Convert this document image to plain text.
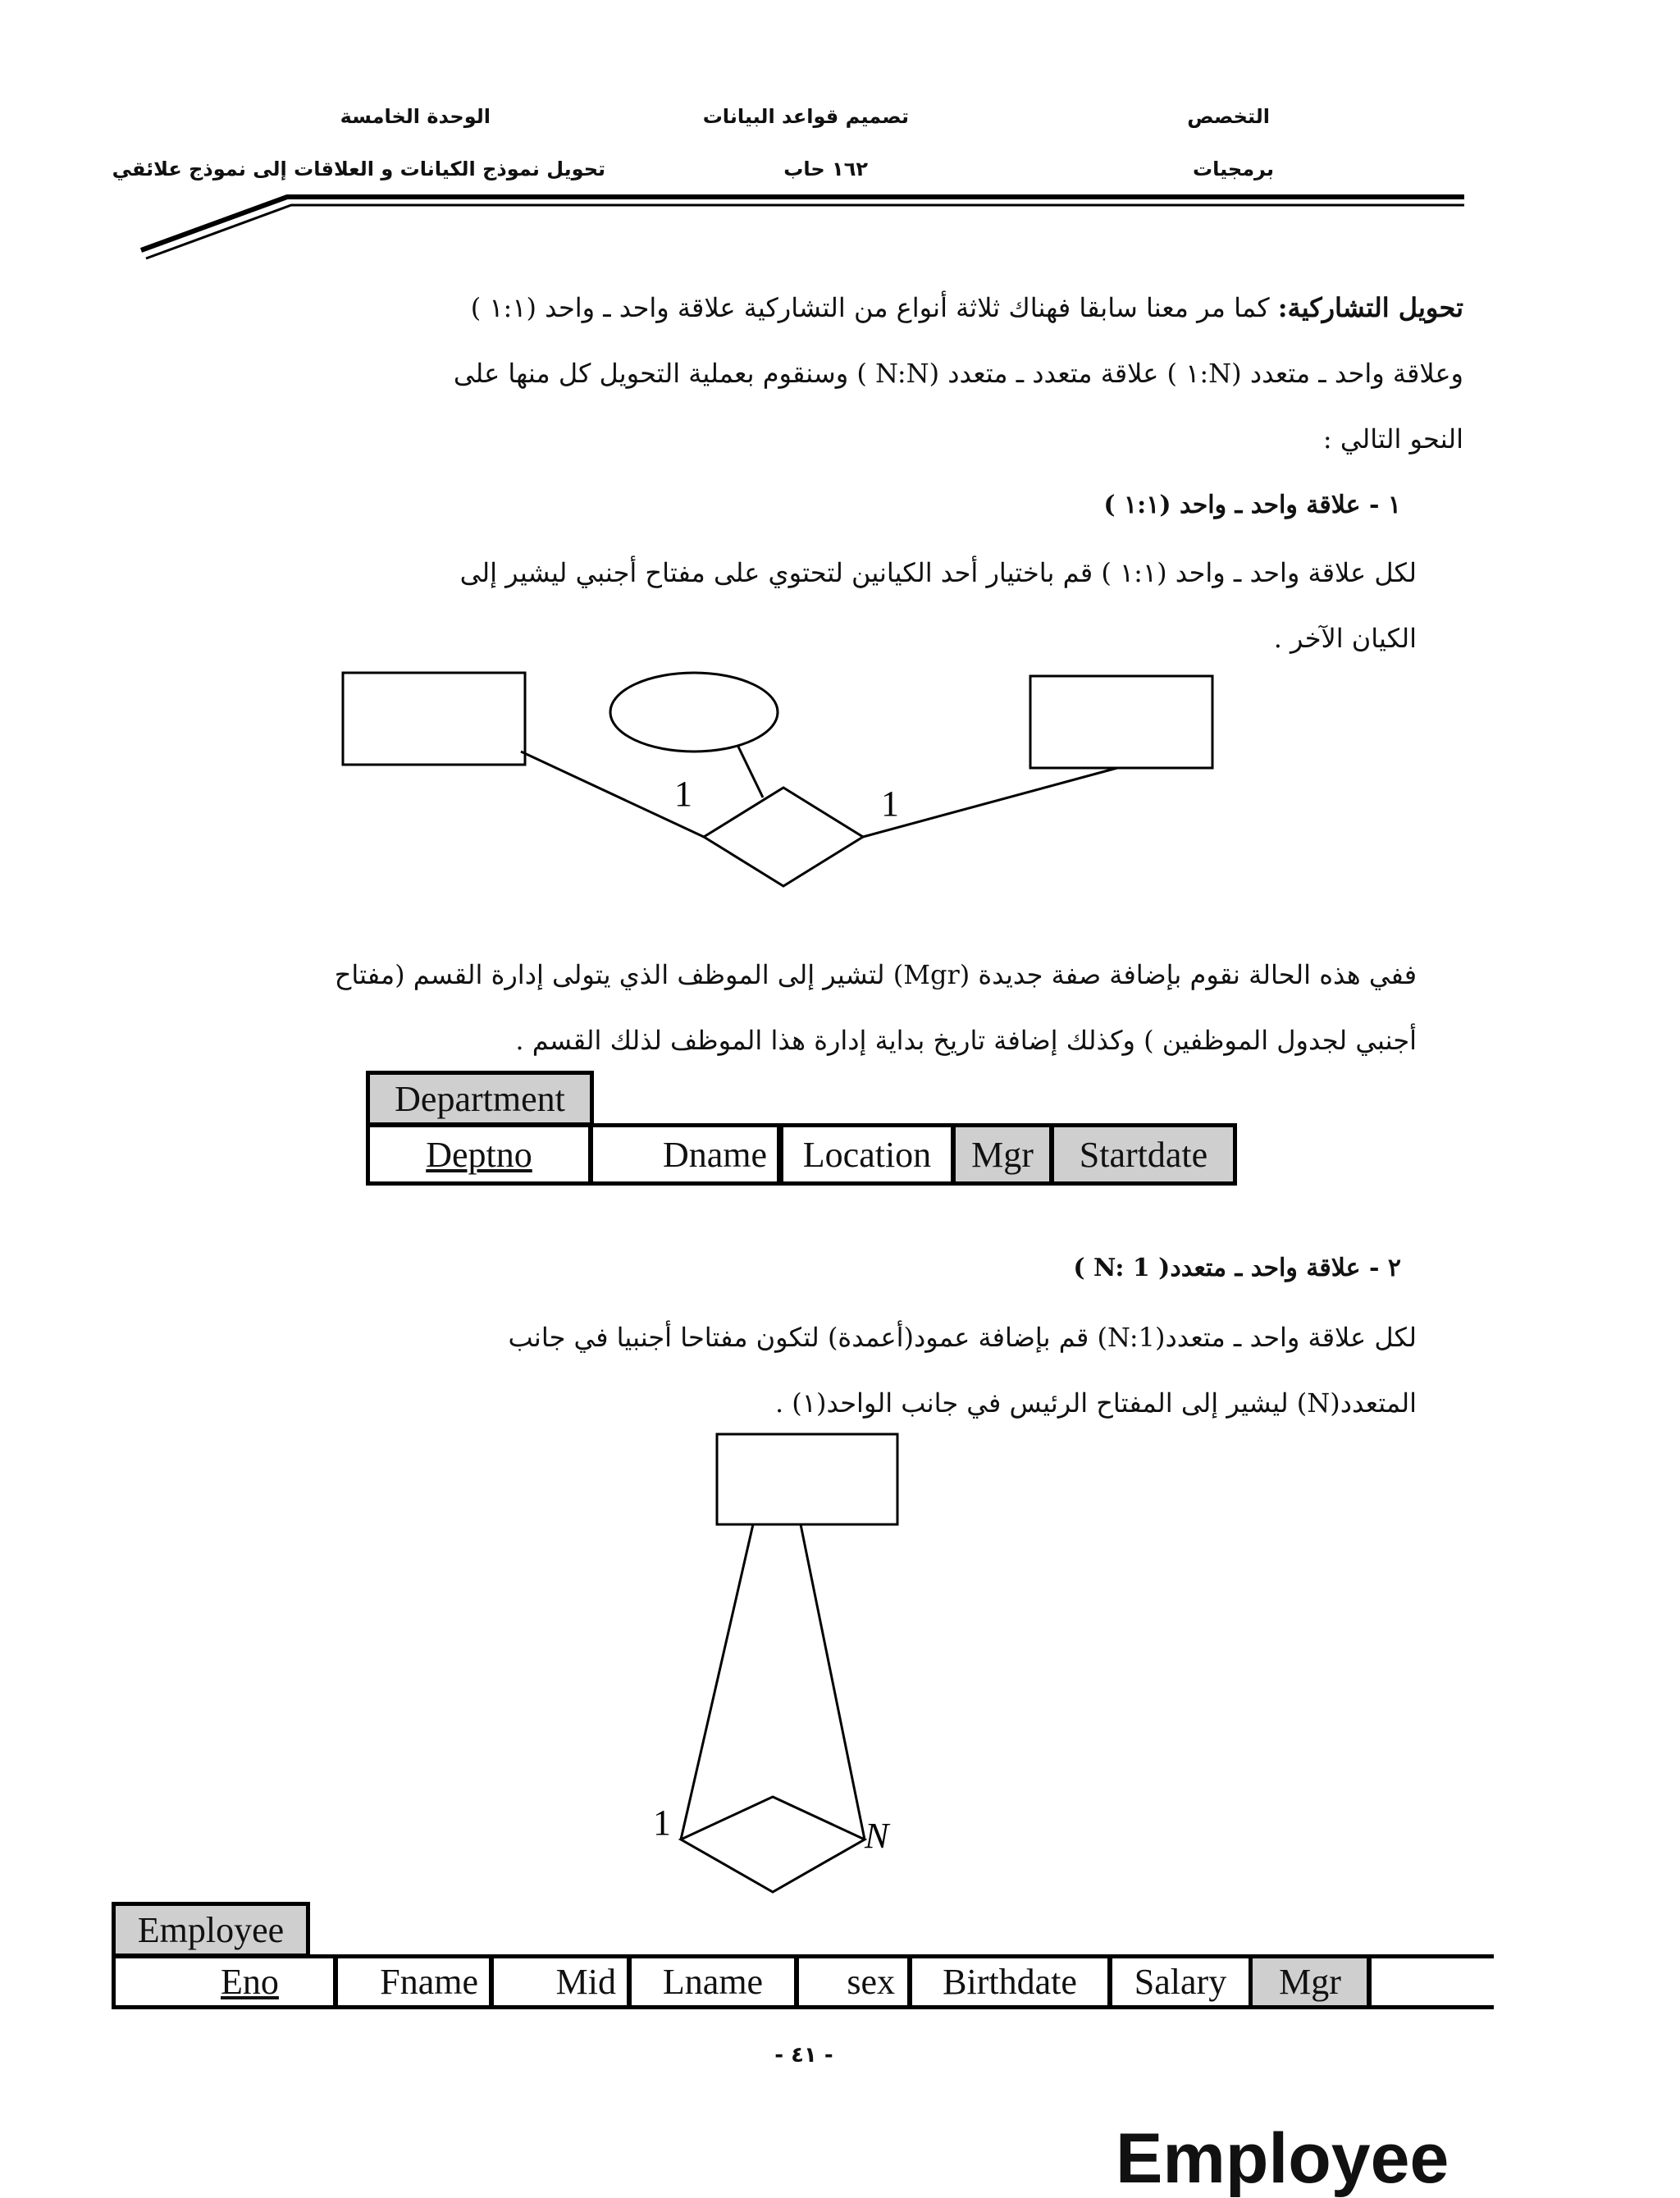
الوحدة الخامسة
تحويل نموذج الكيانات و العلاقات إلى نموذج علائقي
تصميم قواعد البيانات
١٦٢ حاب
التخصص
برمجيات

تحويل التشاركية: كما مر معنا سابقا فهناك ثلاثة أنواع من التشاركية علاقة واحد ـ واحد (١:١ )

وعلاقة واحد ـ متعدد (N:١ ) علاقة متعدد ـ متعدد (N:N ) وسنقوم بعملية التحويل كل منها على

النحو التالي :

١ - علاقة واحد ـ واحد (١:١ )

لكل علاقة واحد ـ واحد (١:١ ) قم باختيار أحد الكيانين لتحتوي على مفتاح أجنبي ليشير إلى

الكيان الآخر .

1	1

ففي هذه الحالة نقوم بإضافة صفة جديدة (Mgr) لتشير إلى الموظف الذي يتولى إدارة القسم (مفتاح

أجنبي لجدول الموظفين ) وكذلك إضافة تاريخ بداية إدارة هذا الموظف لذلك القسم .

Department
Deptno	Dname Location	Mgr	Startdate
٢ - علاقة واحد ـ متعدد( N: 1 )

لكل علاقة واحد ـ متعدد(N:1) قم بإضافة عمود(أعمدة) لتكون مفتاحا أجنبيا في جانب

المتعدد(N) ليشير إلى المفتاح الرئيس في جانب الواحد(١) .

1	N
Employee
Eno	Fname	Mid	Lname	sex	Birthdate	Salary	Mgr
- ٤١ -
Employee
